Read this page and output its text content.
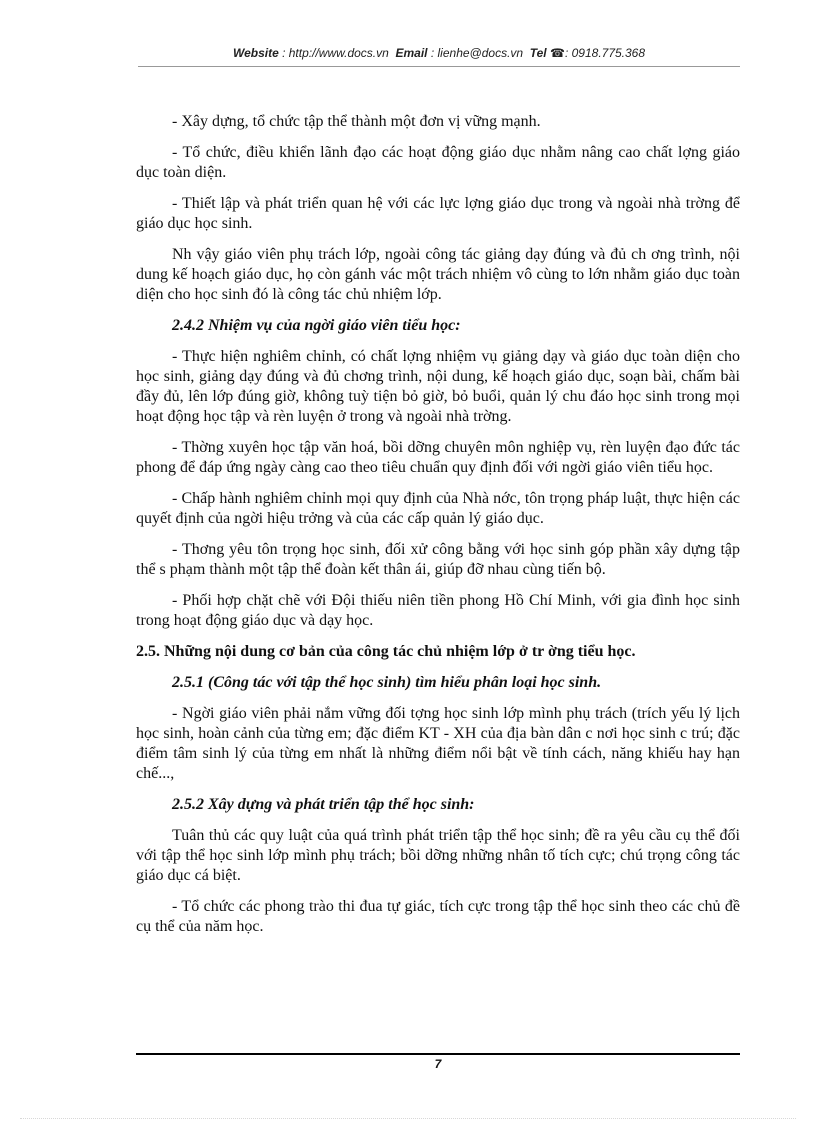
Website : http://www.docs.vn Email : lienhe@docs.vn Tel ☎: 0918.775.368

- Xây dựng, tổ chức tập thể thành một đơn vị vững mạnh.

- Tổ chức, điều khiển lãnh đạo các hoạt động giáo dục nhằm nâng cao chất lợng giáo dục toàn diện.

- Thiết lập và phát triển quan hệ với các lực lợng giáo dục trong và ngoài nhà trờng để giáo dục học sinh.

Nh vậy giáo viên phụ trách lớp, ngoài công tác giảng dạy đúng và đủ ch ơng trình, nội dung kế hoạch giáo dục, họ còn gánh vác một trách nhiệm vô cùng to lớn nhằm giáo dục toàn diện cho học sinh đó là công tác chủ nhiệm lớp.

2.4.2 Nhiệm vụ của ngời giáo viên tiểu học:

- Thực hiện nghiêm chỉnh, có chất lợng nhiệm vụ giảng dạy và giáo dục toàn diện cho học sinh, giảng dạy đúng và đủ chơng trình, nội dung, kế hoạch giáo dục, soạn bài, chấm bài đầy đủ, lên lớp đúng giờ, không tuỳ tiện bỏ giờ, bỏ buổi, quản lý chu đáo học sinh trong mọi hoạt động học tập và rèn luyện ở trong và ngoài nhà trờng.

- Thờng xuyên học tập văn hoá, bồi dỡng chuyên môn nghiệp vụ, rèn luyện đạo đức tác phong để đáp ứng ngày càng cao theo tiêu chuẩn quy định đối với ngời giáo viên tiểu học.

- Chấp hành nghiêm chỉnh mọi quy định của Nhà nớc, tôn trọng pháp luật, thực hiện các quyết định của ngời hiệu trởng và của các cấp quản lý giáo dục.

- Thơng yêu tôn trọng học sinh, đối xử công bằng với học sinh góp phần xây dựng tập thể s phạm thành một tập thể đoàn kết thân ái, giúp đỡ nhau cùng tiến bộ.

- Phối hợp chặt chẽ với Đội thiếu niên tiền phong Hồ Chí Minh, với gia đình học sinh trong hoạt động giáo dục và dạy học.

2.5. Những nội dung cơ bản của công tác chủ nhiệm lớp ở tr ờng tiểu học.

2.5.1 (Công tác với tập thể học sinh) tìm hiểu phân loại học sinh.

- Ngời giáo viên phải nắm vững đối tợng học sinh lớp mình phụ trách (trích yếu lý lịch học sinh, hoàn cảnh của từng em; đặc điểm KT - XH của địa bàn dân c nơi học sinh c trú; đặc điểm tâm sinh lý của từng em nhất là những điểm nổi bật về tính cách, năng khiếu hay hạn chế...,

2.5.2 Xây dựng và phát triển tập thể học sinh:

Tuân thủ các quy luật của quá trình phát triển tập thể học sinh; đề ra yêu cầu cụ thể đối với tập thể học sinh lớp mình phụ trách; bồi dỡng những nhân tố tích cực; chú trọng công tác giáo dục cá biệt.

- Tổ chức các phong trào thi đua tự giác, tích cực trong tập thể học sinh theo các chủ đề cụ thể của năm học.

7
